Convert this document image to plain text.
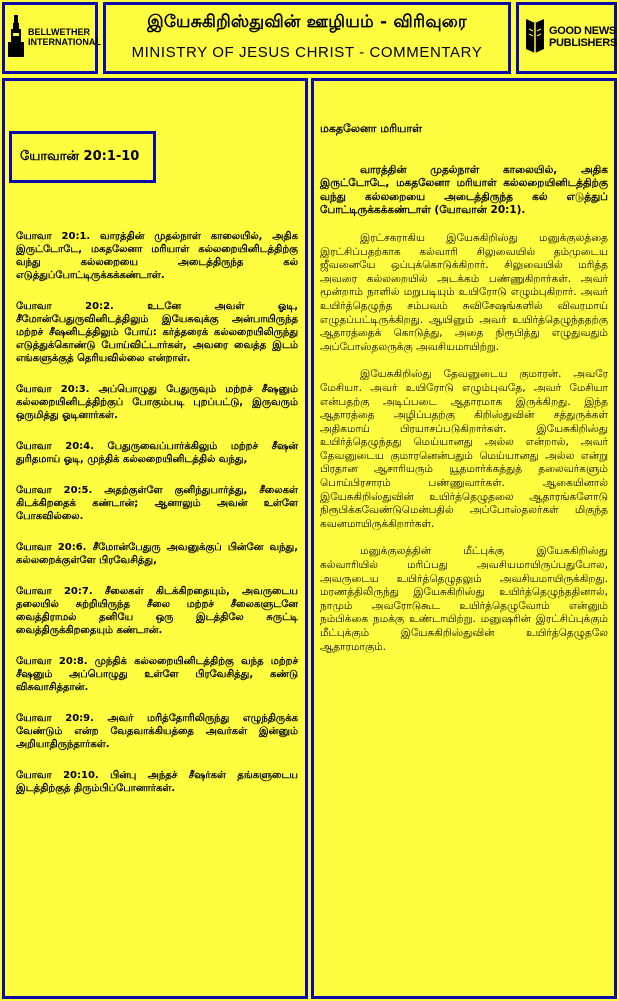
BELLWETHER INTERNATIONAL
இயேசுகிறிஸ்துவின் ஊழியம் - விரிவுரை
MINISTRY OF JESUS CHRIST - COMMENTARY
GOOD NEWS PUBLISHERS
யோவான் 20:1-10

யோவா 20:1. வாரத்தின் முதல்நாள் காலையில், அதிக இருட்டோடே, மகதலேனா மரியாள் கல்லறையினிடத்திற்கு வந்து கல்லறையை அடைத்திருந்த கல் எடுத்துப்போட்டிருக்கக்கண்டாள்.

யோவா 20:2. உடனே அவள் ஓடி, சீமோன்பேதுருவினிடத்திலும் இயேசுவுக்கு அன்பாயிருந்த மற்றச் சீஷனிடத்திலும் போய்: கர்த்தரைக் கல்லறையிலிருந்து எடுத்துக்கொண்டு போய்விட்டார்கள், அவரை வைத்த இடம் எங்களுக்குத் தெரியவில்லை என்றாள்.

யோவா 20:3. அப்பொழுது பேதுருவும் மற்றச் சீஷனும் கல்லறையினிடத்திற்குப் போகும்படி புறப்பட்டு, இருவரும் ஒருமித்து ஓடினார்கள்.

யோவா 20:4. பேதுருவைப்பார்க்கிலும் மற்றச் சீஷன் துரிதமாய் ஓடி, முந்திக் கல்லறையினிடத்தில் வந்து,

யோவா 20:5. அதற்குள்ளே குனிந்துபார்த்து, சீலைகள் கிடக்கிறதைக் கண்டான்; ஆனாலும் அவன் உள்ளே போகவில்லை.

யோவா 20:6. சீமோன்பேதுரு அவனுக்குப் பின்னே வந்து, கல்லறைக்குள்ளே பிரவேசித்து,

யோவா 20:7. சீலைகள் கிடக்கிறதையும், அவருடைய தலையில் சுற்றியிருந்த சீலை மற்றச் சீலைகளுடனே வைத்திராமல் தனியே ஒரு இடத்திலே சுருட்டி வைத்திருக்கிறதையும் கண்டான்.

யோவா 20:8. முந்திக் கல்லறையினிடத்திற்கு வந்த மற்றச் சீஷனும் அப்பொழுது உள்ளே பிரவேசித்து, கண்டு விசுவாசித்தான்.

யோவா 20:9. அவர் மரித்தோரிலிருந்து எழுந்திருக்க வேண்டும் என்ற வேதவாக்கியத்தை அவர்கள் இன்னும் அறியாதிருந்தார்கள்.

யோவா 20:10. பின்பு அந்தச் சீஷர்கள் தங்களுடைய இடத்திற்குத் திரும்பிப்போனார்கள்.

மகதலேனா மரியாள்

வாரத்தின் முதல்நாள் காலையில், அதிக இருட்டோடே, மகதலேனா மரியாள் கல்லறையினிடத்திற்கு வந்து கல்லறையை அடைத்திருந்த கல் எடுத்துப் போட்டிருக்கக்கண்டாள் (யோவான் 20:1).

இரட்சகராகிய இயேசுகிறிஸ்து மனுக்குலத்தை இரட்சிப்பதற்காக கல்வாரி சிலுவையில் தம்முடைய ஜீவனையே ஒப்புக்கொடுக்கிறார். சிலுவையில் மரித்த அவரை கல்லறையில் அடக்கம் பண்ணுகிறார்கள். அவர் மூன்றாம் நாளில் மறுபடியும் உயிரோடு எழும்புகிறார். அவர் உயிர்த்தெழுந்த சம்பவம் சுவிசேஷங்களில் விவரமாய் எழுதப்பட்டிருக்கிறது. ஆயினும் அவர் உயிர்த்தெழுந்ததற்கு ஆதாரத்தைக் கொடுத்து, அதை நிரூபித்து எழுதுவதும் அப்போஸ்தலருக்கு அவசியமாயிற்று.

இயேசுகிறிஸ்து தேவனுடைய குமாரன். அவரே மேசியா. அவர் உயிரோடு எழும்புவதே, அவர் மேசியா என்பதற்கு அடிப்படை ஆதாரமாக இருக்கிறது. இந்த ஆதாரத்தை அழிப்பதற்கு கிறிஸ்துவின் சத்துருக்கள் அதிகமாய் பிரயாசப்படுகிறார்கள். இயேசுகிறிஸ்து உயிர்த்தெழுந்தது மெய்யானது அல்ல என்றால், அவர் தேவனுடைய குமாரனென்பதும் மெய்யானது அல்ல என்று பிரதான ஆசாரியரும் யூதமார்க்கத்துத் தலைவர்களும் பொய்பிரசாரம் பண்ணுவார்கள். ஆகையினால் இயேசுகிறிஸ்துவின் உயிர்த்தெழுதலை ஆதாரங்களோடு நிரூபிக்கவேண்டுமென்பதில் அப்போஸ்தலர்கள் மிகுந்த கவனமாயிருக்கிறார்கள்.

மனுக்குலத்தின் மீட்புக்கு இயேசுகிறிஸ்து கல்வாரியில் மரிப்பது அவசியமாயிருப்பதுபோல, அவருடைய உயிர்த்தெழுதலும் அவசியமாயிருக்கிறது. மரணத்திலிருந்து இயேசுகிறிஸ்து உயிர்த்தெழுந்ததினால், நாமும் அவரோடுகூட உயிர்த்தெழுவோம் என்னும் நம்பிக்கை நமக்கு உண்டாயிற்று. மனுஷரின் இரட்சிப்புக்கும் மீட்புக்கும் இயேசுகிறிஸ்துவின் உயிர்த்தெழுதலே ஆதாரமாகும்.
